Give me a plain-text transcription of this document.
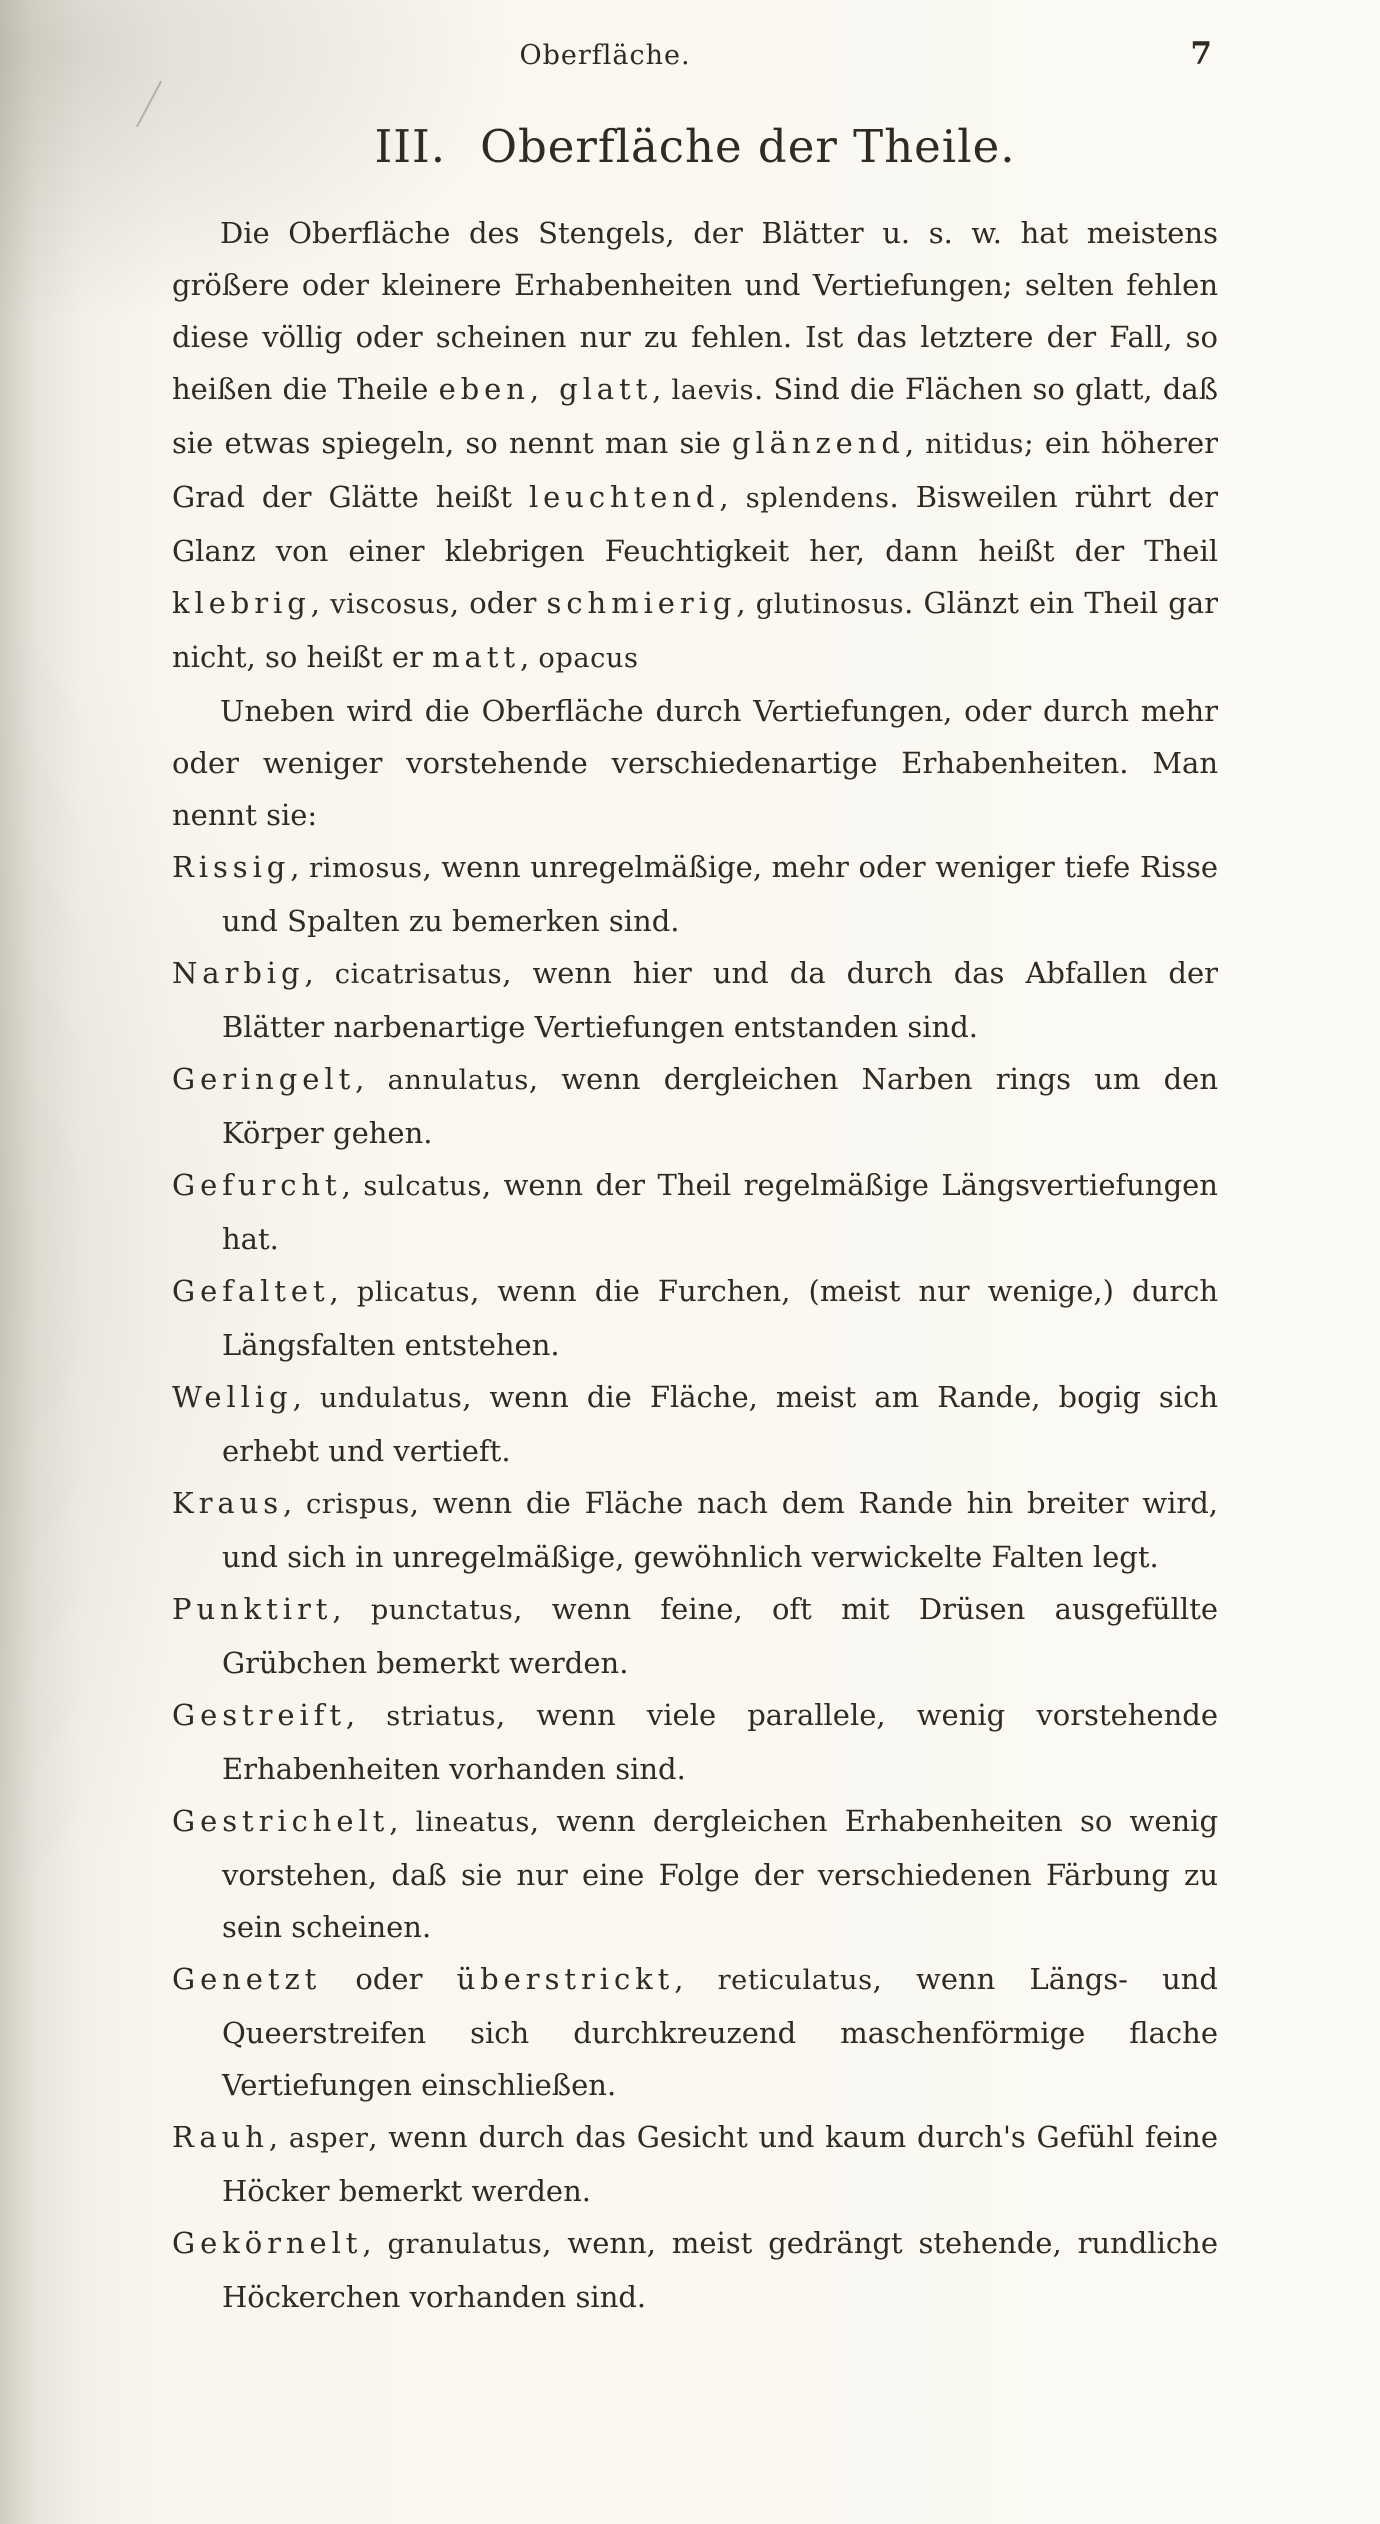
Oberfläche.	7
III. Oberfläche der Theile.

Die Oberfläche des Stengels, der Blätter u. s. w. hat meistens größere oder kleinere Erhabenheiten und Vertiefungen; selten fehlen diese völlig oder scheinen nur zu fehlen. Ist das letztere der Fall, so heißen die Theile eben, glatt, laevis. Sind die Flächen so glatt, daß sie etwas spiegeln, so nennt man sie glänzend, nitidus; ein höherer Grad der Glätte heißt leuchtend, splendens. Bisweilen rührt der Glanz von einer klebrigen Feuchtigkeit her, dann heißt der Theil klebrig, viscosus, oder schmierig, glutinosus. Glänzt ein Theil gar nicht, so heißt er matt, opacus

Uneben wird die Oberfläche durch Vertiefungen, oder durch mehr oder weniger vorstehende verschiedenartige Erhabenheiten. Man nennt sie:

Rissig, rimosus, wenn unregelmäßige, mehr oder weniger tiefe Risse und Spalten zu bemerken sind.

Narbig, cicatrisatus, wenn hier und da durch das Abfallen der Blätter narbenartige Vertiefungen entstanden sind.

Geringelt, annulatus, wenn dergleichen Narben rings um den Körper gehen.

Gefurcht, sulcatus, wenn der Theil regelmäßige Längsvertiefungen hat.

Gefaltet, plicatus, wenn die Furchen, (meist nur wenige,) durch Längsfalten entstehen.

Wellig, undulatus, wenn die Fläche, meist am Rande, bogig sich erhebt und vertieft.

Kraus, crispus, wenn die Fläche nach dem Rande hin breiter wird, und sich in unregelmäßige, gewöhnlich verwickelte Falten legt.

Punktirt, punctatus, wenn feine, oft mit Drüsen ausgefüllte Grübchen bemerkt werden.

Gestreift, striatus, wenn viele parallele, wenig vorstehende Erhabenheiten vorhanden sind.

Gestrichelt, lineatus, wenn dergleichen Erhabenheiten so wenig vorstehen, daß sie nur eine Folge der verschiedenen Färbung zu sein scheinen.

Genetzt oder überstrickt, reticulatus, wenn Längs- und Queerstreifen sich durchkreuzend maschenförmige flache Vertiefungen einschließen.

Rauh, asper, wenn durch das Gesicht und kaum durch's Gefühl feine Höcker bemerkt werden.

Gekörnelt, granulatus, wenn, meist gedrängt stehende, rundliche Höckerchen vorhanden sind.
